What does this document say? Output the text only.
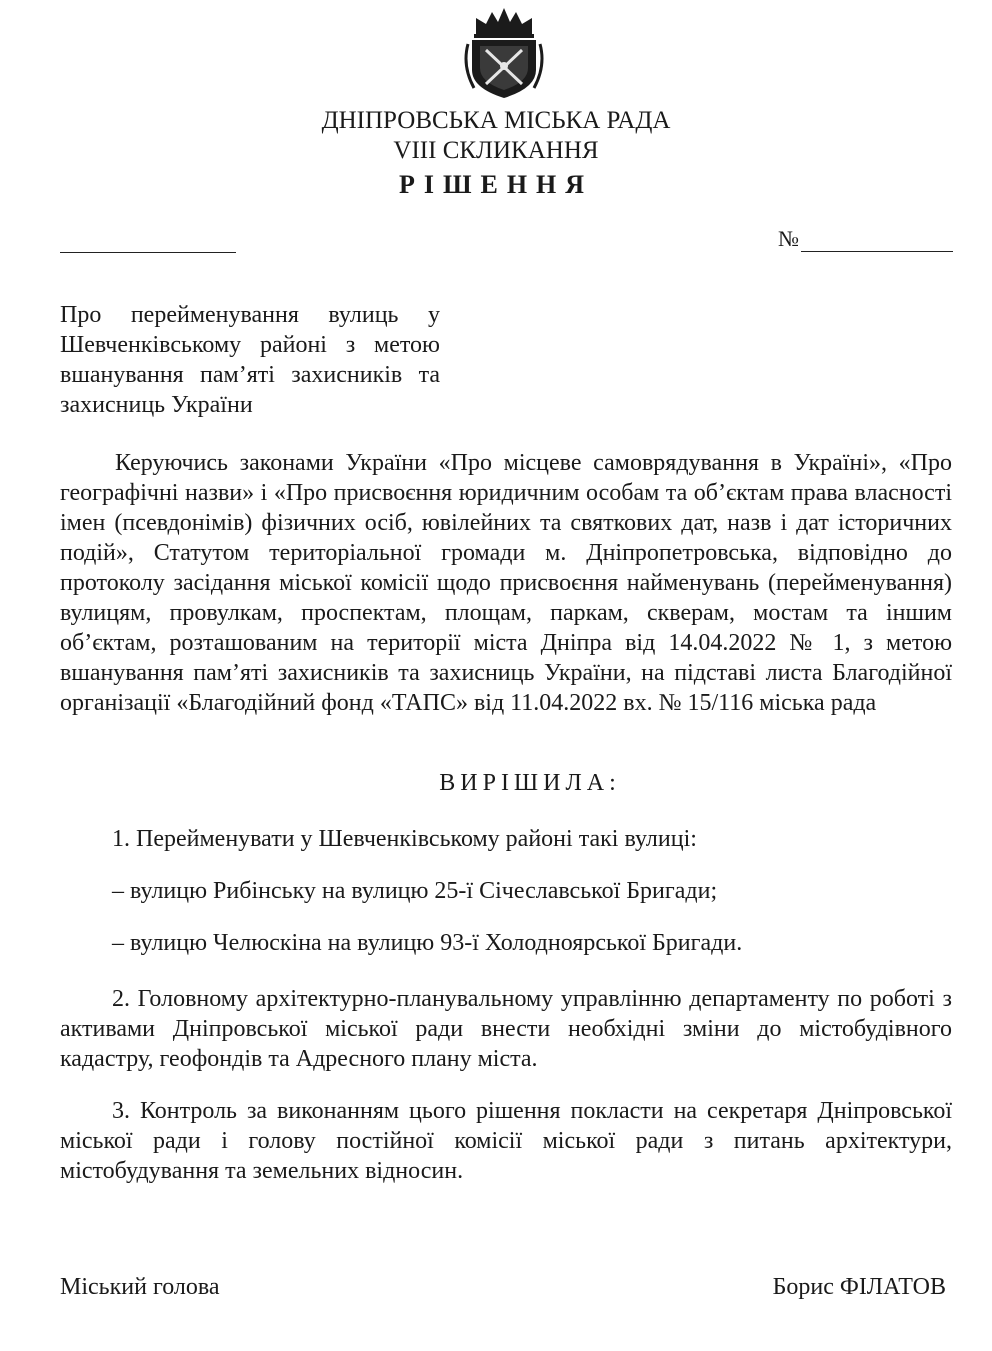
ДНІПРОВСЬКА МІСЬКА РАДА
VIII СКЛИКАННЯ
РІШЕННЯ
№
Про перейменування вулиць у
Шевченківському районі з метою
вшанування пам’яті захисників та
захисниць України
Керуючись законами України «Про місцеве самоврядування в Україні», «Про географічні назви» і «Про присвоєння юридичним особам та об’єктам права власності імен (псевдонімів) фізичних осіб, ювілейних та святкових дат, назв і дат історичних подій», Статутом територіальної громади м. Дніпропетровська, відповідно до протоколу засідання міської комісії щодо присвоєння найменувань (перейменування) вулицям, провулкам, проспектам, площам, паркам, скверам, мостам та іншим об’єктам, розташованим на території міста Дніпра від 14.04.2022 № 1, з метою вшанування пам’яті захисників та захисниць України, на підставі листа Благодійної організації «Благодійний фонд «ТАПС» від 11.04.2022 вх. № 15/116 міська рада
ВИРІШИЛА:
1. Перейменувати у Шевченківському районі такі вулиці:
– вулицю Рибінську на вулицю 25-ї Січеславської Бригади;
– вулицю Челюскіна на вулицю 93-ї Холодноярської Бригади.
2. Головному архітектурно-планувальному управлінню департаменту по роботі з активами Дніпровської міської ради внести необхідні зміни до містобудівного кадастру, геофондів та Адресного плану міста.
3. Контроль за виконанням цього рішення покласти на секретаря Дніпровської міської ради і голову постійної комісії міської ради з питань архітектури, містобудування та земельних відносин.
Міський голова	Борис ФІЛАТОВ
